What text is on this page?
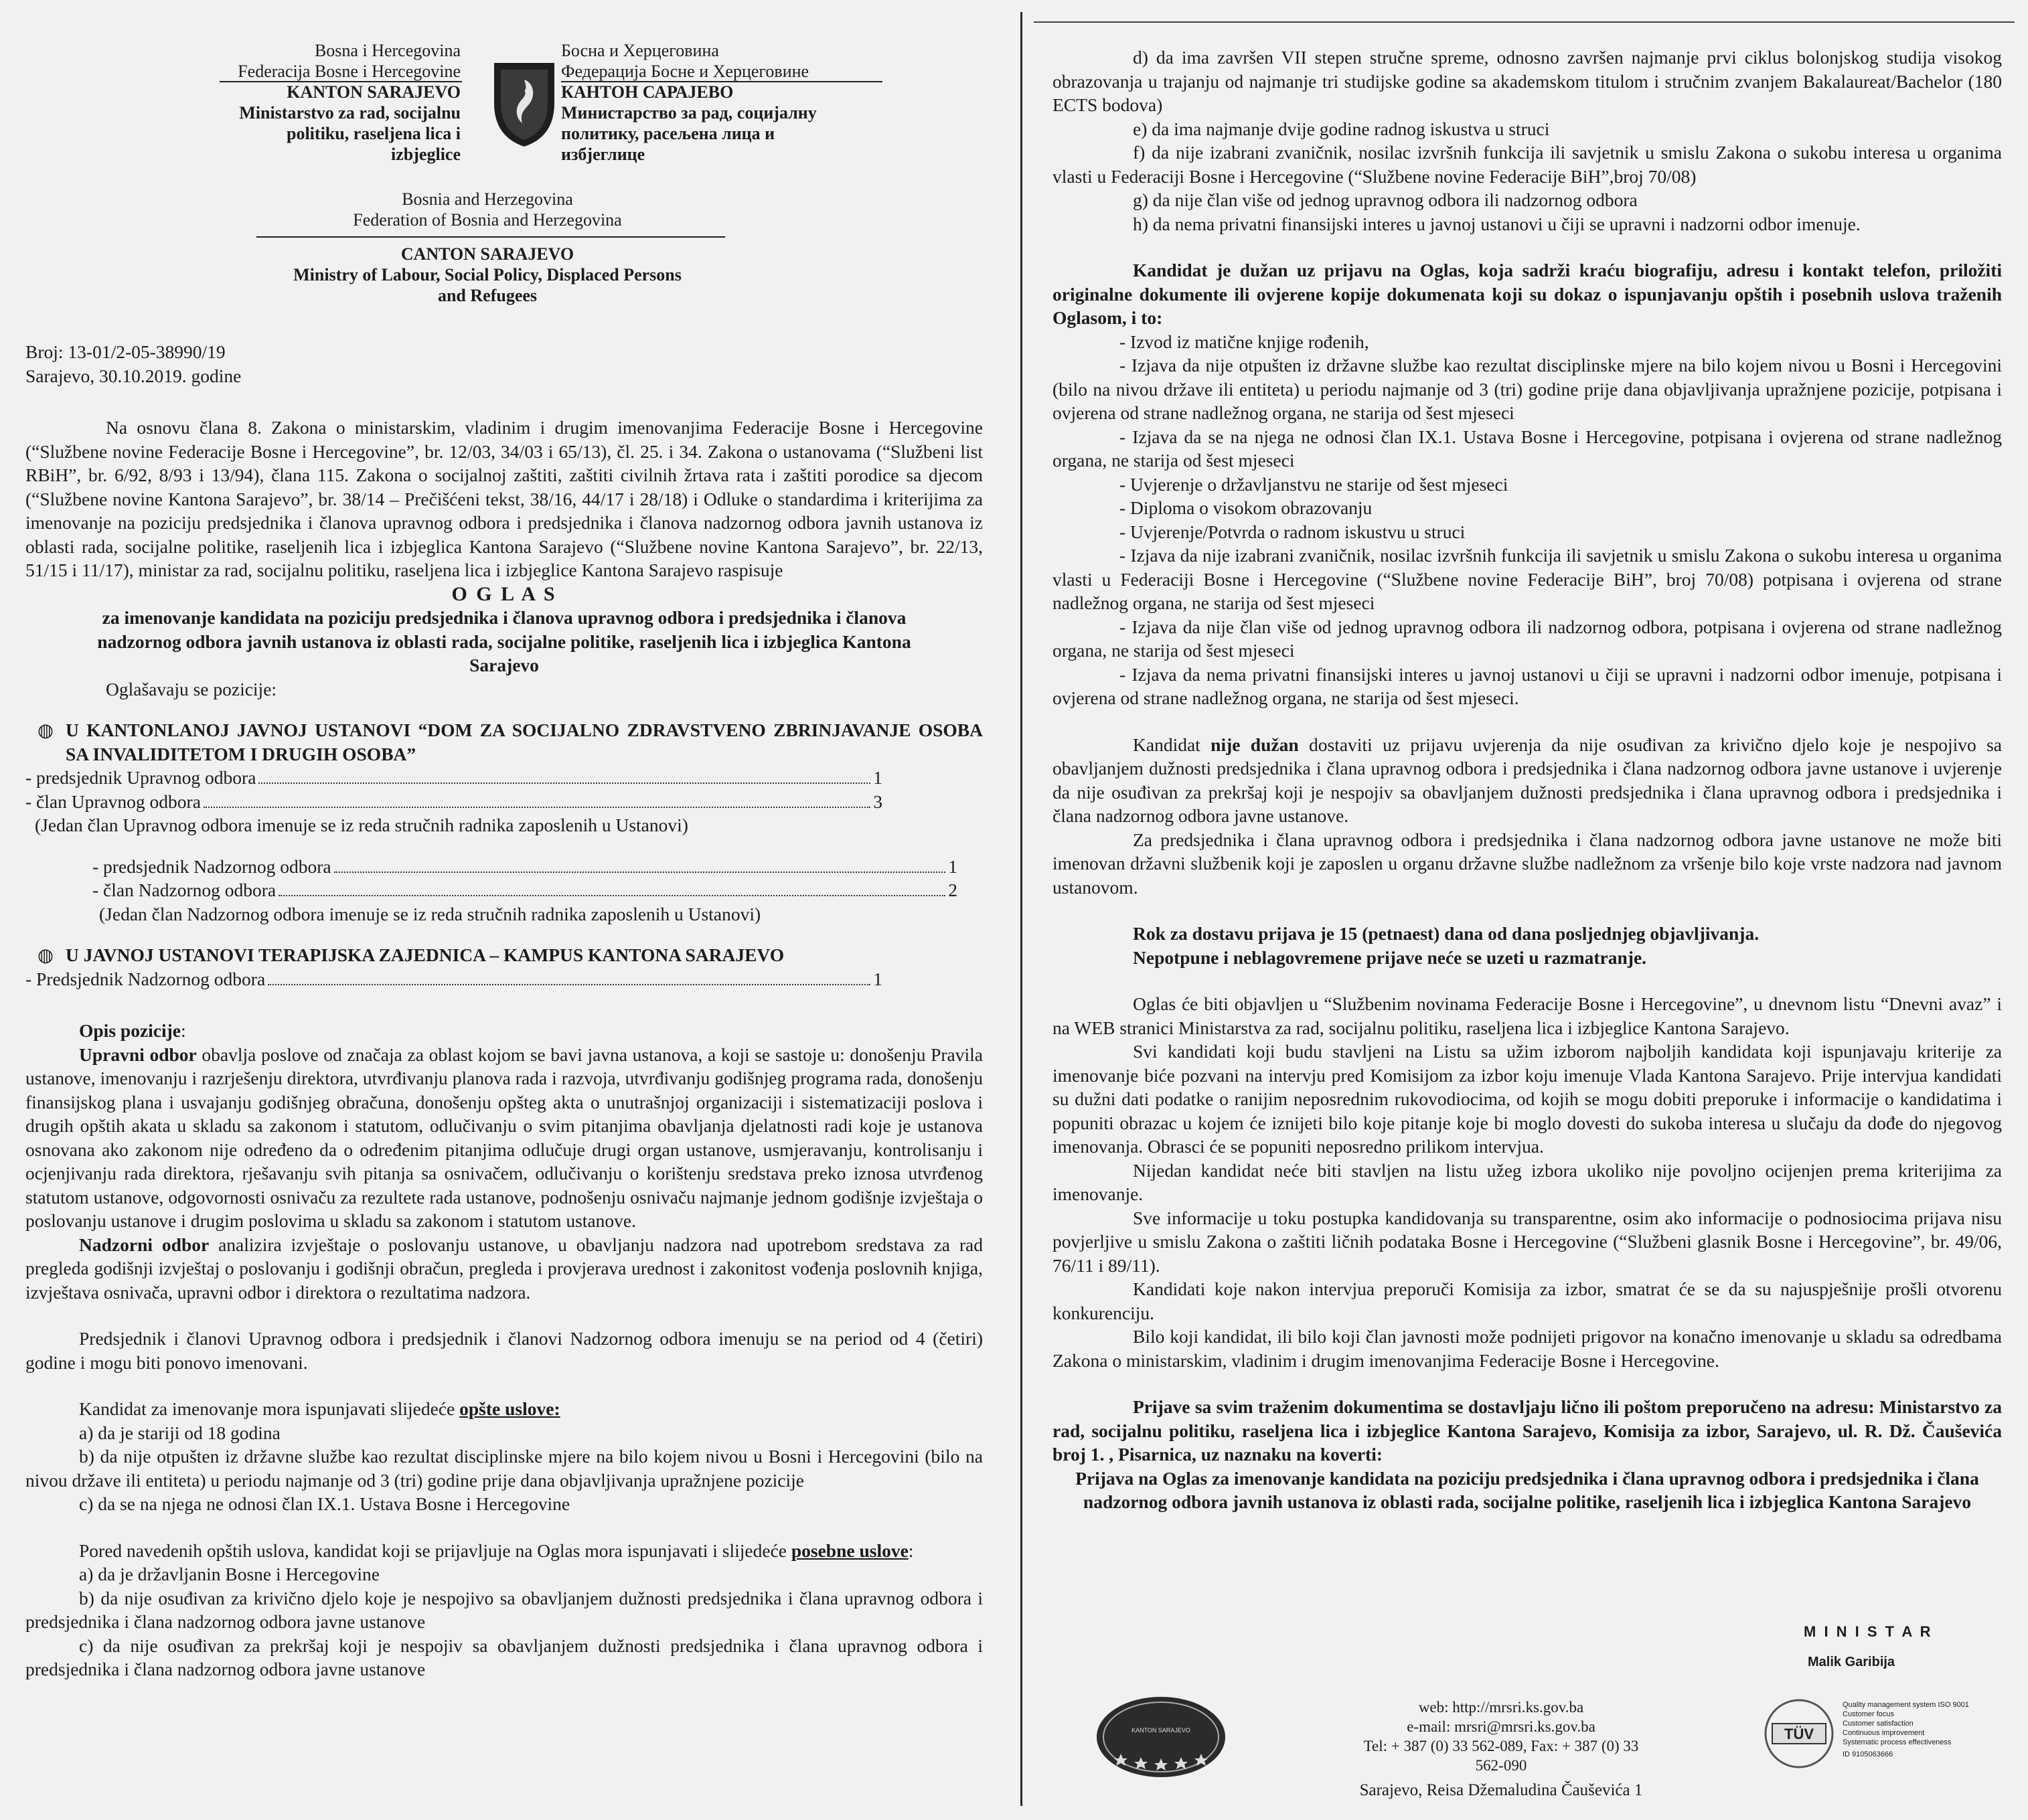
Bosna i Hercegovina
Federacija Bosne i Hercegovine
KANTON SARAJEVO
Ministarstvo za rad, socijalnu
politiku, raseljena lica i izbjeglice
Босна и Херцеговина
Федерација Босне и Херцеговине
КАНТОН САРАЈЕВО
Министарство за рад, социјалну
политику, расељена лица и избјеглице
Bosnia and Herzegovina
Federation of Bosnia and Herzegovina
CANTON SARAJEVO
Ministry of Labour, Social Policy, Displaced Persons
and Refugees

Broj: 13-01/2-05-38990/19

Sarajevo, 30.10.2019. godine

Na osnovu člana 8. Zakona o ministarskim, vladinim i drugim imenovanjima Federacije Bosne i Hercegovine (“Službene novine Federacije Bosne i Hercegovine”, br. 12/03, 34/03 i 65/13), čl. 25. i 34. Zakona o ustanovama (“Službeni list RBiH”, br. 6/92, 8/93 i 13/94), člana 115. Zakona o socijalnoj zaštiti, zaštiti civilnih žrtava rata i zaštiti porodice sa djecom (“Službene novine Kantona Sarajevo”, br. 38/14 – Prečišćeni tekst, 38/16, 44/17 i 28/18) i Odluke o standardima i kriterijima za imenovanje na poziciju predsjednika i članova upravnog odbora i predsjednika i članova nadzornog odbora javnih ustanova iz oblasti rada, socijalne politike, raseljenih lica i izbjeglica Kantona Sarajevo (“Službene novine Kantona Sarajevo”, br. 22/13, 51/15 i 11/17), ministar za rad, socijalnu politiku, raseljena lica i izbjeglice Kantona Sarajevo raspisuje

O G L A S

za imenovanje kandidata na poziciju predsjednika i članova upravnog odbora i predsjednika i članova nadzornog odbora javnih ustanova iz oblasti rada, socijalne politike, raseljenih lica i izbjeglica Kantona Sarajevo

Oglašavaju se pozicije:

◍ U KANTONLANOJ JAVNOJ USTANOVI “DOM ZA SOCIJALNO ZDRAVSTVENO ZBRINJAVANJE OSOBA SA INVALIDITETOM I DRUGIH OSOBA”
- predsjednik Upravnog odbora	1
- član Upravnog odbora	3

(Jedan član Upravnog odbora imenuje se iz reda stručnih radnika zaposlenih u Ustanovi)

- predsjednik Nadzornog odbora	1
- član Nadzornog odbora	2

(Jedan član Nadzornog odbora imenuje se iz reda stručnih radnika zaposlenih u Ustanovi)

◍ U JAVNOJ USTANOVI TERAPIJSKA ZAJEDNICA – KAMPUS KANTONA SARAJEVO
- Predsjednik Nadzornog odbora	1

Opis pozicije:

Upravni odbor obavlja poslove od značaja za oblast kojom se bavi javna ustanova, a koji se sastoje u: donošenju Pravila ustanove, imenovanju i razrješenju direktora, utvrđivanju planova rada i razvoja, utvrđivanju godišnjeg programa rada, donošenju finansijskog plana i usvajanju godišnjeg obračuna, donošenju opšteg akta o unutrašnjoj organizaciji i sistematizaciji poslova i drugih opštih akata u skladu sa zakonom i statutom, odlučivanju o svim pitanjima obavljanja djelatnosti radi koje je ustanova osnovana ako zakonom nije određeno da o određenim pitanjima odlučuje drugi organ ustanove, usmjeravanju, kontrolisanju i ocjenjivanju rada direktora, rješavanju svih pitanja sa osnivačem, odlučivanju o korištenju sredstava preko iznosa utvrđenog statutom ustanove, odgovornosti osnivaču za rezultete rada ustanove, podnošenju osnivaču najmanje jednom godišnje izvještaja o poslovanju ustanove i drugim poslovima u skladu sa zakonom i statutom ustanove.

Nadzorni odbor analizira izvještaje o poslovanju ustanove, u obavljanju nadzora nad upotrebom sredstava za rad pregleda godišnji izvještaj o poslovanju i godišnji obračun, pregleda i provjerava urednost i zakonitost vođenja poslovnih knjiga, izvještava osnivača, upravni odbor i direktora o rezultatima nadzora.

Predsjednik i članovi Upravnog odbora i predsjednik i članovi Nadzornog odbora imenuju se na period od 4 (četiri) godine i mogu biti ponovo imenovani.

Kandidat za imenovanje mora ispunjavati slijedeće opšte uslove:

a) da je stariji od 18 godina

b) da nije otpušten iz državne službe kao rezultat disciplinske mjere na bilo kojem nivou u Bosni i Hercegovini (bilo na nivou države ili entiteta) u periodu najmanje od 3 (tri) godine prije dana objavljivanja upražnjene pozicije

c) da se na njega ne odnosi član IX.1. Ustava Bosne i Hercegovine

Pored navedenih opštih uslova, kandidat koji se prijavljuje na Oglas mora ispunjavati i slijedeće posebne uslove:

a) da je državljanin Bosne i Hercegovine

b) da nije osuđivan za krivično djelo koje je nespojivo sa obavljanjem dužnosti predsjednika i člana upravnog odbora i predsjednika i člana nadzornog odbora javne ustanove

c) da nije osuđivan za prekršaj koji je nespojiv sa obavljanjem dužnosti predsjednika i člana upravnog odbora i predsjednika i člana nadzornog odbora javne ustanove

d) da ima završen VII stepen stručne spreme, odnosno završen najmanje prvi ciklus bolonjskog studija visokog obrazovanja u trajanju od najmanje tri studijske godine sa akademskom titulom i stručnim zvanjem Bakalaureat/Bachelor (180 ECTS bodova)

e) da ima najmanje dvije godine radnog iskustva u struci

f) da nije izabrani zvaničnik, nosilac izvršnih funkcija ili savjetnik u smislu Zakona o sukobu interesa u organima vlasti u Federaciji Bosne i Hercegovine (“Službene novine Federacije BiH”,broj 70/08)

g) da nije član više od jednog upravnog odbora ili nadzornog odbora

h) da nema privatni finansijski interes u javnoj ustanovi u čiji se upravni i nadzorni odbor imenuje.

Kandidat je dužan uz prijavu na Oglas, koja sadrži kraću biografiju, adresu i kontakt telefon, priložiti originalne dokumente ili ovjerene kopije dokumenata koji su dokaz o ispunjavanju opštih i posebnih uslova traženih Oglasom, i to:

- Izvod iz matične knjige rođenih,

- Izjava da nije otpušten iz državne službe kao rezultat disciplinske mjere na bilo kojem nivou u Bosni i Hercegovini (bilo na nivou države ili entiteta) u periodu najmanje od 3 (tri) godine prije dana objavljivanja upražnjene pozicije, potpisana i ovjerena od strane nadležnog organa, ne starija od šest mjeseci

- Izjava da se na njega ne odnosi član IX.1. Ustava Bosne i Hercegovine, potpisana i ovjerena od strane nadležnog organa, ne starija od šest mjeseci

- Uvjerenje o državljanstvu ne starije od šest mjeseci

- Diploma o visokom obrazovanju

- Uvjerenje/Potvrda o radnom iskustvu u struci

- Izjava da nije izabrani zvaničnik, nosilac izvršnih funkcija ili savjetnik u smislu Zakona o sukobu interesa u organima vlasti u Federaciji Bosne i Hercegovine (“Službene novine Federacije BiH”, broj 70/08) potpisana i ovjerena od strane nadležnog organa, ne starija od šest mjeseci

- Izjava da nije član više od jednog upravnog odbora ili nadzornog odbora, potpisana i ovjerena od strane nadležnog organa, ne starija od šest mjeseci

- Izjava da nema privatni finansijski interes u javnoj ustanovi u čiji se upravni i nadzorni odbor imenuje, potpisana i ovjerena od strane nadležnog organa, ne starija od šest mjeseci.

Kandidat nije dužan dostaviti uz prijavu uvjerenja da nije osuđivan za krivično djelo koje je nespojivo sa obavljanjem dužnosti predsjednika i člana upravnog odbora i predsjednika i člana nadzornog odbora javne ustanove i uvjerenje da nije osuđivan za prekršaj koji je nespojiv sa obavljanjem dužnosti predsjednika i člana upravnog odbora i predsjednika i člana nadzornog odbora javne ustanove.

Za predsjednika i člana upravnog odbora i predsjednika i člana nadzornog odbora javne ustanove ne može biti imenovan državni službenik koji je zaposlen u organu državne službe nadležnom za vršenje bilo koje vrste nadzora nad javnom ustanovom.

Rok za dostavu prijava je 15 (petnaest) dana od dana posljednjeg objavljivanja.

Nepotpune i neblagovremene prijave neće se uzeti u razmatranje.

Oglas će biti objavljen u “Službenim novinama Federacije Bosne i Hercegovine”, u dnevnom listu “Dnevni avaz” i na WEB stranici Ministarstva za rad, socijalnu politiku, raseljena lica i izbjeglice Kantona Sarajevo.

Svi kandidati koji budu stavljeni na Listu sa užim izborom najboljih kandidata koji ispunjavaju kriterije za imenovanje biće pozvani na intervju pred Komisijom za izbor koju imenuje Vlada Kantona Sarajevo. Prije intervjua kandidati su dužni dati podatke o ranijim neposrednim rukovodiocima, od kojih se mogu dobiti preporuke i informacije o kandidatima i popuniti obrazac u kojem će iznijeti bilo koje pitanje koje bi moglo dovesti do sukoba interesa u slučaju da dođe do njegovog imenovanja. Obrasci će se popuniti neposredno prilikom intervjua.

Nijedan kandidat neće biti stavljen na listu užeg izbora ukoliko nije povoljno ocijenjen prema kriterijima za imenovanje.

Sve informacije u toku postupka kandidovanja su transparentne, osim ako informacije o podnosiocima prijava nisu povjerljive u smislu Zakona o zaštiti ličnih podataka Bosne i Hercegovine (“Službeni glasnik Bosne i Hercegovine”, br. 49/06, 76/11 i 89/11).

Kandidati koje nakon intervjua preporuči Komisija za izbor, smatrat će se da su najuspješnije prošli otvorenu konkurenciju.

Bilo koji kandidat, ili bilo koji član javnosti može podnijeti prigovor na konačno imenovanje u skladu sa odredbama Zakona o ministarskim, vladinim i drugim imenovanjima Federacije Bosne i Hercegovine.

Prijave sa svim traženim dokumentima se dostavljaju lično ili poštom preporučeno na adresu: Ministarstvo za rad, socijalnu politiku, raseljena lica i izbjeglice Kantona Sarajevo, Komisija za izbor, Sarajevo, ul. R. Dž. Čauševića broj 1. , Pisarnica, uz naznaku na koverti:

Prijava na Oglas za imenovanje kandidata na poziciju predsjednika i člana upravnog odbora i predsjednika i člana nadzornog odbora javnih ustanova iz oblasti rada, socijalne politike, raseljenih lica i izbjeglica Kantona Sarajevo

M I N I S T A R
Malik Garibija
web: http://mrsri.ks.gov.ba
e-mail: mrsri@mrsri.ks.gov.ba
Tel: + 387 (0) 33 562-089, Fax: + 387 (0) 33
562-090
Sarajevo, Reisa Džemaludina Čauševića 1
KANTON SARAJEVO	TÜV
Quality management system ISO 9001
Customer focus
Customer satisfaction
Continuous improvement
Systematic process effectiveness
ID 9105063666
